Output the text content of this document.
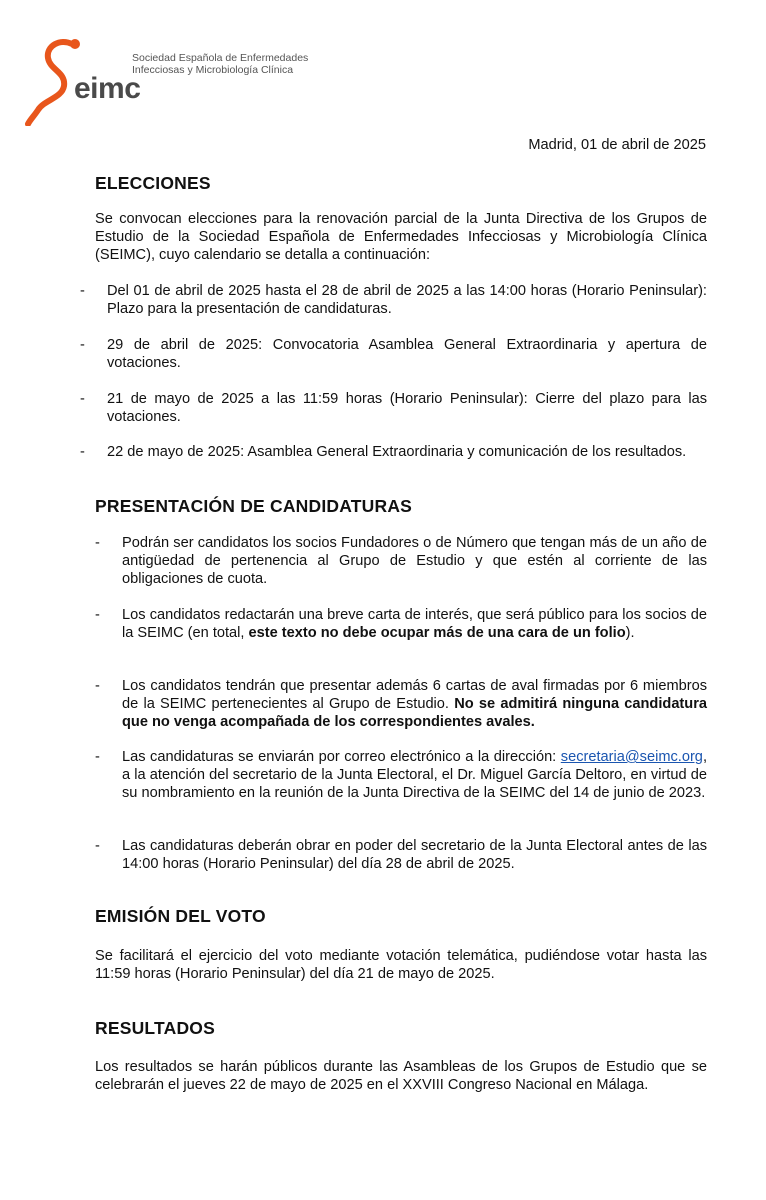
eimc
Sociedad Española de Enfermedades
Infecciosas y Microbiología Clínica
Madrid, 01 de abril de 2025
ELECCIONES

Se convocan elecciones para la renovación parcial de la Junta Directiva de los Grupos de Estudio de la Sociedad Española de Enfermedades Infecciosas y Microbiología Clínica (SEIMC), cuyo calendario se detalla a continuación:

- Del 01 de abril de 2025 hasta el 28 de abril de 2025 a las 14:00 horas (Horario Peninsular): Plazo para la presentación de candidaturas.
- 29 de abril de 2025: Convocatoria Asamblea General Extraordinaria y apertura de votaciones.
- 21 de mayo de 2025 a las 11:59 horas (Horario Peninsular): Cierre del plazo para las votaciones.
- 22 de mayo de 2025: Asamblea General Extraordinaria y comunicación de los resultados.
PRESENTACIÓN DE CANDIDATURAS
- Podrán ser candidatos los socios Fundadores o de Número que tengan más de un año de antigüedad de pertenencia al Grupo de Estudio y que estén al corriente de las obligaciones de cuota.
- Los candidatos redactarán una breve carta de interés, que será público para los socios de la SEIMC (en total, este texto no debe ocupar más de una cara de un folio).
- Los candidatos tendrán que presentar además 6 cartas de aval firmadas por 6 miembros de la SEIMC pertenecientes al Grupo de Estudio. No se admitirá ninguna candidatura que no venga acompañada de los correspondientes avales.
- Las candidaturas se enviarán por correo electrónico a la dirección: secretaria@seimc.org, a la atención del secretario de la Junta Electoral, el Dr. Miguel García Deltoro, en virtud de su nombramiento en la reunión de la Junta Directiva de la SEIMC del 14 de junio de 2023.
- Las candidaturas deberán obrar en poder del secretario de la Junta Electoral antes de las 14:00 horas (Horario Peninsular) del día 28 de abril de 2025.
EMISIÓN DEL VOTO

Se facilitará el ejercicio del voto mediante votación telemática, pudiéndose votar hasta las 11:59 horas (Horario Peninsular) del día 21 de mayo de 2025.

RESULTADOS

Los resultados se harán públicos durante las Asambleas de los Grupos de Estudio que se celebrarán el jueves 22 de mayo de 2025 en el XXVIII Congreso Nacional en Málaga.
